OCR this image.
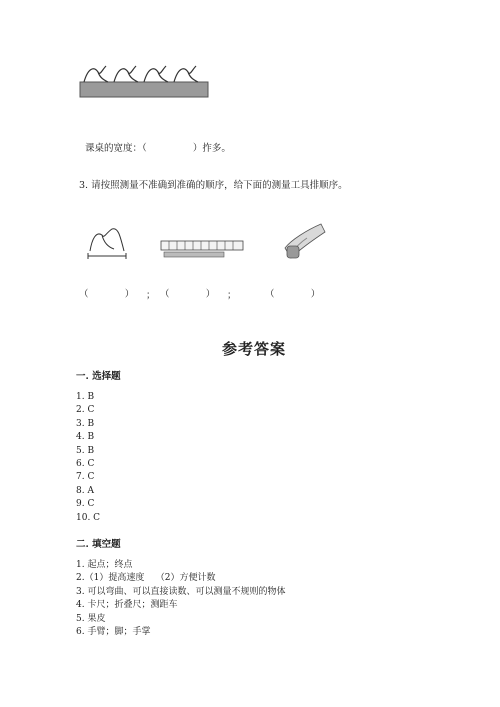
课桌的宽度：（	）拃多。

3. 请按照测量不准确到准确的顺序，给下面的测量工具排顺序。
（            ） ； （            ） ；	（            ）
参考答案
一. 选择题
1. B
2. C
3. B
4. B
5. B
6. C
7. C
8. A
9. C
10. C
二. 填空题
1. 起点；终点
2.（1）提高速度    （2）方便计数
3. 可以弯曲、可以直接读数、可以测量不规则的物体
4. 卡尺；折叠尺；测距车
5. 果皮
6. 手臂；脚；手掌
